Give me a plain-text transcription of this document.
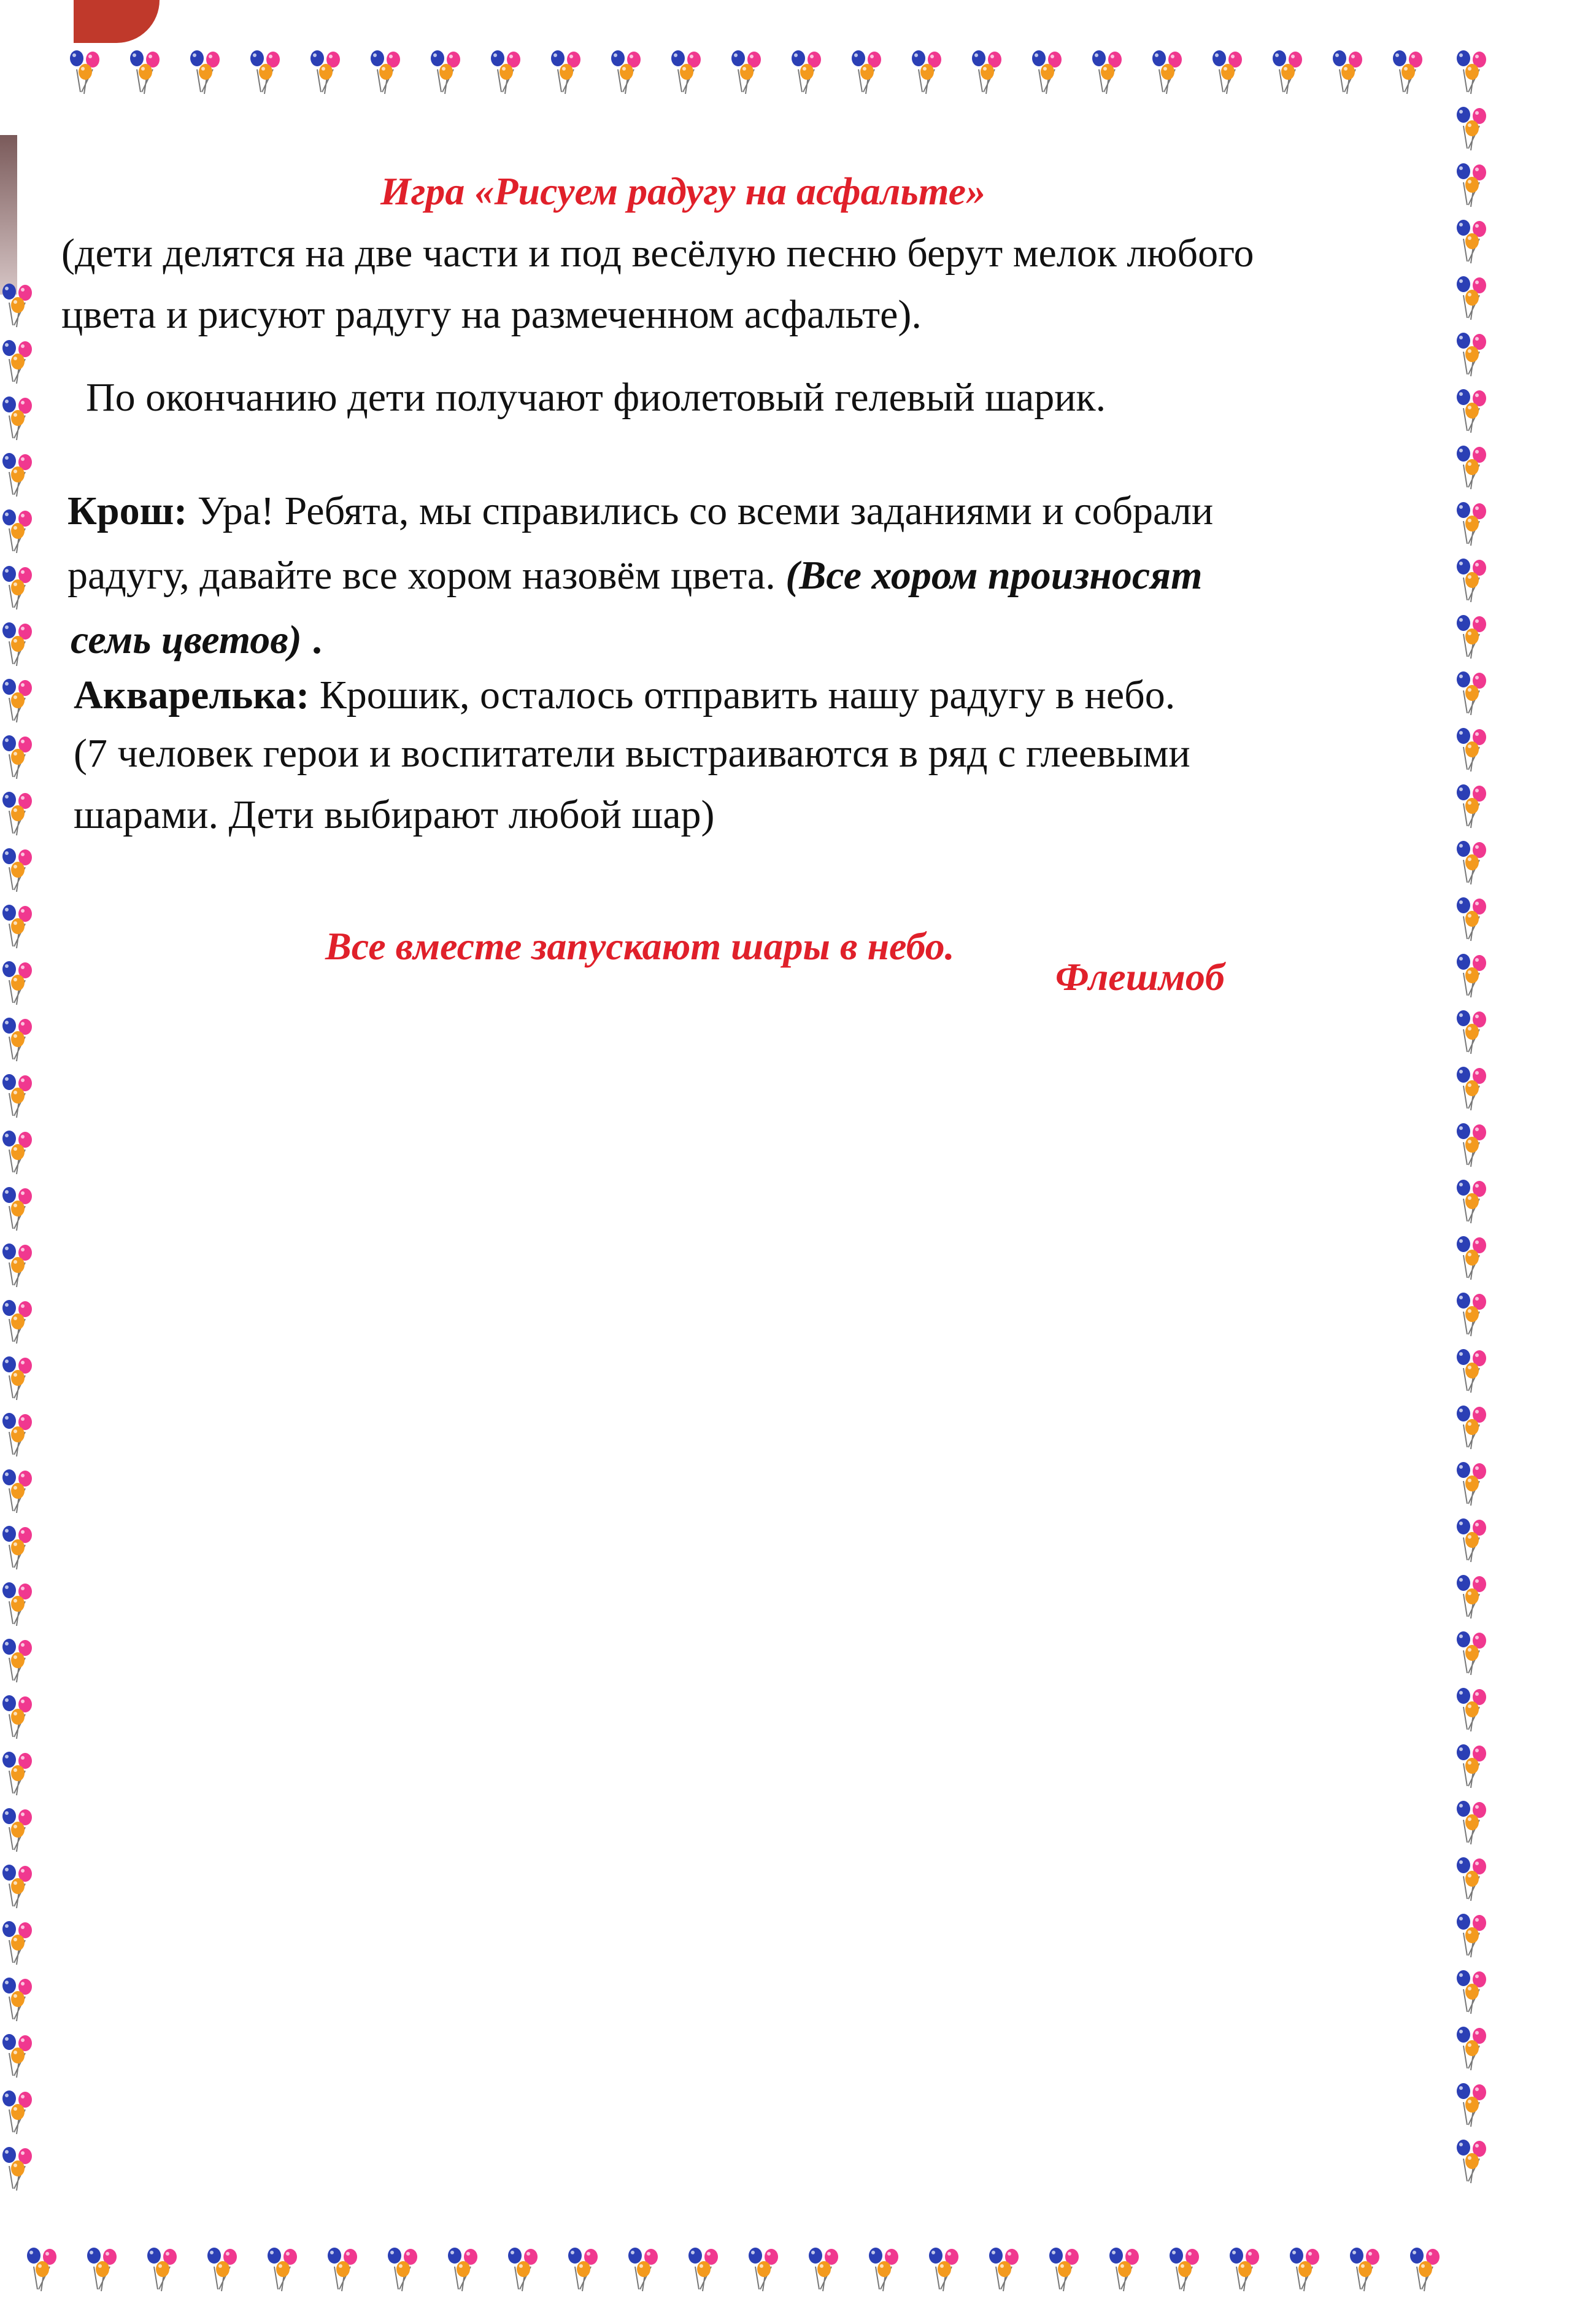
Игра «Рисуем радугу на асфальте»
(дети делятся на две части и под весёлую песню берут мелок любого
цвета и рисуют радугу на размеченном асфальте).
По окончанию дети получают фиолетовый гелевый шарик.
Крош: Ура! Ребята, мы справились со всеми заданиями и собрали
радугу, давайте все хором назовём цвета. (Все хором произносят
семь цветов) .
Акварелька: Крошик, осталось отправить нашу радугу в небо.
(7 человек герои и воспитатели выстраиваются в ряд с глеевыми
шарами. Дети выбирают любой шар)
Все вместе запускают шары в небо.
Флешмоб
